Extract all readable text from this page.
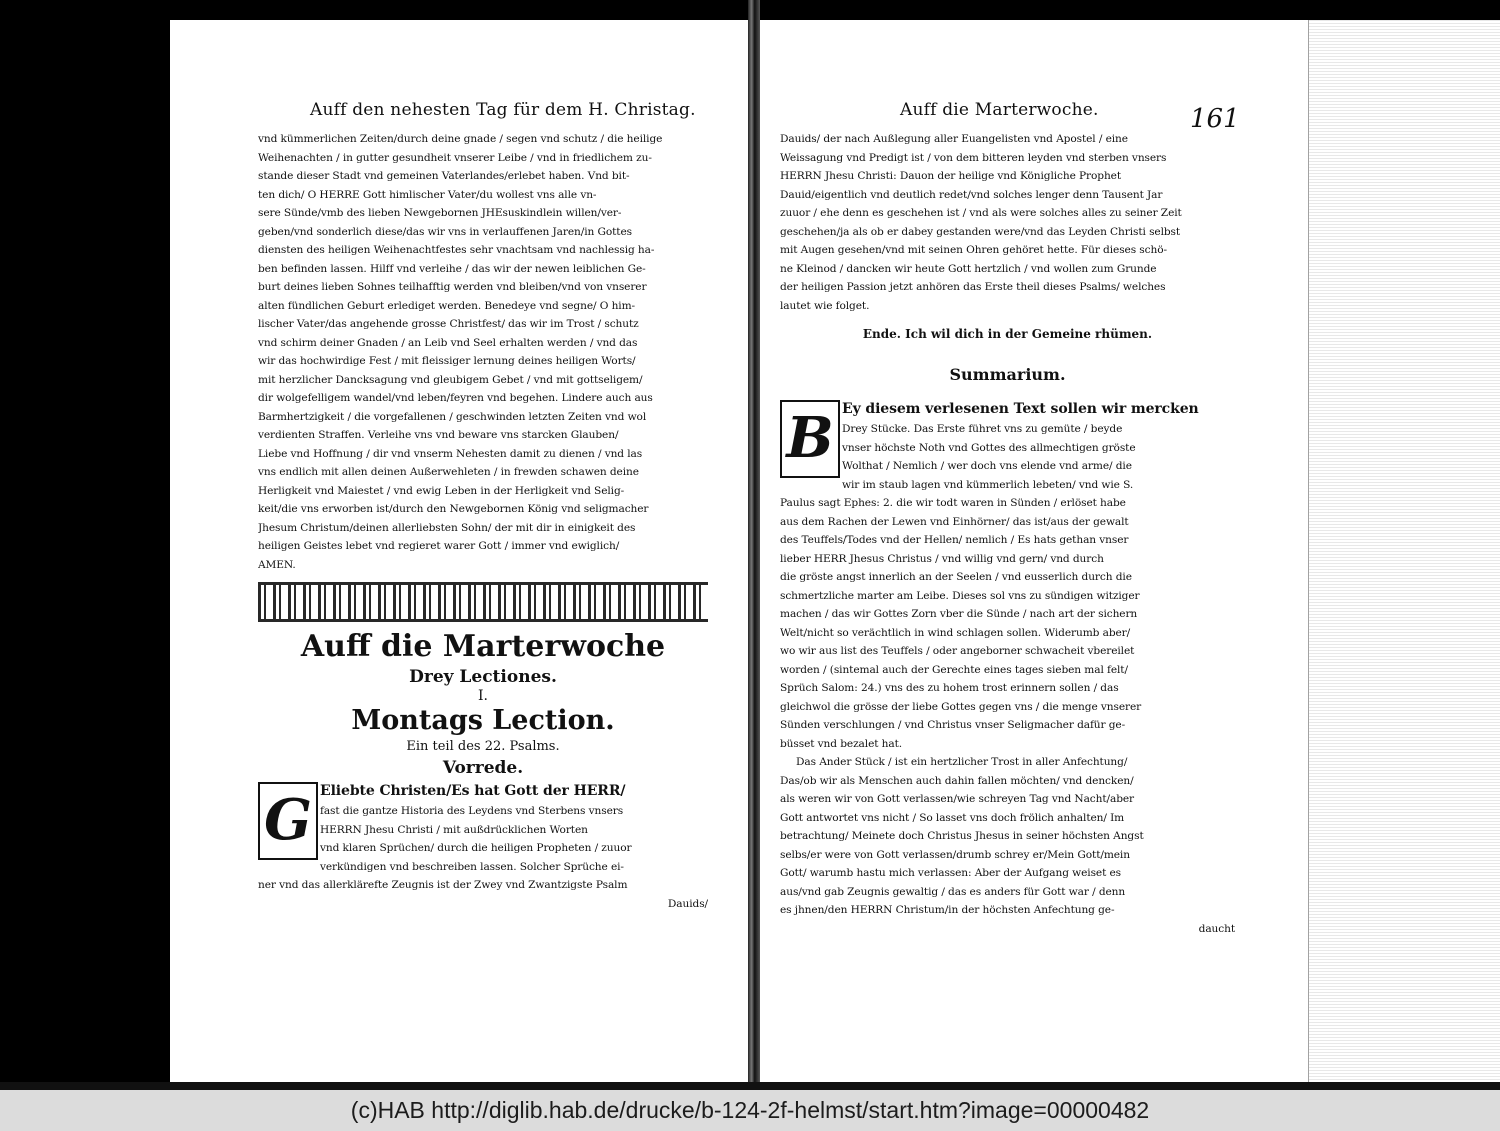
Auff den nehesten Tag für dem H. Christag.
vnd kümmerlichen Zeiten/durch deine gnade / segen vnd schutz / die heilige
Weihenachten / in gutter gesundheit vnserer Leibe / vnd in friedlichem zu-
stande dieser Stadt vnd gemeinen Vaterlandes/erlebet haben. Vnd bit-
ten dich/ O HERRE Gott himlischer Vater/du wollest vns alle vn-
sere Sünde/vmb des lieben Newgebornen JHEsuskindlein willen/ver-
geben/vnd sonderlich diese/das wir vns in verlauffenen Jaren/in Gottes
diensten des heiligen Weihenachtfestes sehr vnachtsam vnd nachlessig ha-
ben befinden lassen. Hilff vnd verleihe / das wir der newen leiblichen Ge-
burt deines lieben Sohnes teilhafftig werden vnd bleiben/vnd von vnserer
alten fündlichen Geburt erlediget werden. Benedeye vnd segne/ O him-
lischer Vater/das angehende grosse Christfest/ das wir im Trost / schutz
vnd schirm deiner Gnaden / an Leib vnd Seel erhalten werden / vnd das
wir das hochwirdige Fest / mit fleissiger lernung deines heiligen Worts/
mit herzlicher Dancksagung vnd gleubigem Gebet / vnd mit gottseligem/
dir wolgefelligem wandel/vnd leben/feyren vnd begehen. Lindere auch aus
Barmhertzigkeit / die vorgefallenen / geschwinden letzten Zeiten vnd wol
verdienten Straffen. Verleihe vns vnd beware vns starcken Glauben/
Liebe vnd Hoffnung / dir vnd vnserm Nehesten damit zu dienen / vnd las
vns endlich mit allen deinen Außerwehleten / in frewden schawen deine
Herligkeit vnd Maiestet / vnd ewig Leben in der Herligkeit vnd Selig-
keit/die vns erworben ist/durch den Newgebornen König vnd seligmacher
Jhesum Christum/deinen allerliebsten Sohn/ der mit dir in einigkeit des
heiligen Geistes lebet vnd regieret warer Gott / immer vnd ewiglich/
AMEN.
Auff die Marterwoche
Drey Lectiones.
I.
Montags Lection.
Ein teil des 22. Psalms.
Vorrede.
G Eliebte Christen/Es hat Gott der HERR/
fast die gantze Historia des Leydens vnd Sterbens vnsers
HERRN Jhesu Christi / mit außdrücklichen Worten
vnd klaren Sprüchen/ durch die heiligen Propheten / zuuor
verkündigen vnd beschreiben lassen. Solcher Sprüche ei-
ner vnd das allerklärefte Zeugnis ist der Zwey vnd Zwantzigste Psalm
Dauids/
161
Auff die Marterwoche.
Dauids/ der nach Außlegung aller Euangelisten vnd Apostel / eine
Weissagung vnd Predigt ist / von dem bitteren leyden vnd sterben vnsers
HERRN Jhesu Christi: Dauon der heilige vnd Königliche Prophet
Dauid/eigentlich vnd deutlich redet/vnd solches lenger denn Tausent Jar
zuuor / ehe denn es geschehen ist / vnd als were solches alles zu seiner Zeit
geschehen/ja als ob er dabey gestanden were/vnd das Leyden Christi selbst
mit Augen gesehen/vnd mit seinen Ohren gehöret hette. Für dieses schö-
ne Kleinod / dancken wir heute Gott hertzlich / vnd wollen zum Grunde
der heiligen Passion jetzt anhören das Erste theil dieses Psalms/ welches
lautet wie folget.
Ende. Ich wil dich in der Gemeine rhümen.
Summarium.
B Ey diesem verlesenen Text sollen wir mercken
Drey Stücke. Das Erste führet vns zu gemüte / beyde
vnser höchste Noth vnd Gottes des allmechtigen gröste
Wolthat / Nemlich / wer doch vns elende vnd arme/ die
wir im staub lagen vnd kümmerlich lebeten/ vnd wie S.
Paulus sagt Ephes: 2. die wir todt waren in Sünden / erlöset habe
aus dem Rachen der Lewen vnd Einhörner/ das ist/aus der gewalt
des Teuffels/Todes vnd der Hellen/ nemlich / Es hats gethan vnser
lieber HERR Jhesus Christus / vnd willig vnd gern/ vnd durch
die gröste angst innerlich an der Seelen / vnd eusserlich durch die
schmertzliche marter am Leibe. Dieses sol vns zu sündigen witziger
machen / das wir Gottes Zorn vber die Sünde / nach art der sichern
Welt/nicht so verächtlich in wind schlagen sollen. Widerumb aber/
wo wir aus list des Teuffels / oder angeborner schwacheit vbereilet
worden / (sintemal auch der Gerechte eines tages sieben mal felt/
Sprüch Salom: 24.) vns des zu hohem trost erinnern sollen / das
gleichwol die grösse der liebe Gottes gegen vns / die menge vnserer
Sünden verschlungen / vnd Christus vnser Seligmacher dafür ge-
büsset vnd bezalet hat.
Das Ander Stück / ist ein hertzlicher Trost in aller Anfechtung/
Das/ob wir als Menschen auch dahin fallen möchten/ vnd dencken/
als weren wir von Gott verlassen/wie schreyen Tag vnd Nacht/aber
Gott antwortet vns nicht / So lasset vns doch frölich anhalten/ Im
betrachtung/ Meinete doch Christus Jhesus in seiner höchsten Angst
selbs/er were von Gott verlassen/drumb schrey er/Mein Gott/mein
Gott/ warumb hastu mich verlassen: Aber der Aufgang weiset es
aus/vnd gab Zeugnis gewaltig / das es anders für Gott war / denn
es jhnen/den HERRN Christum/in der höchsten Anfechtung ge-
daucht
(c)HAB http://diglib.hab.de/drucke/b-124-2f-helmst/start.htm?image=00000482
